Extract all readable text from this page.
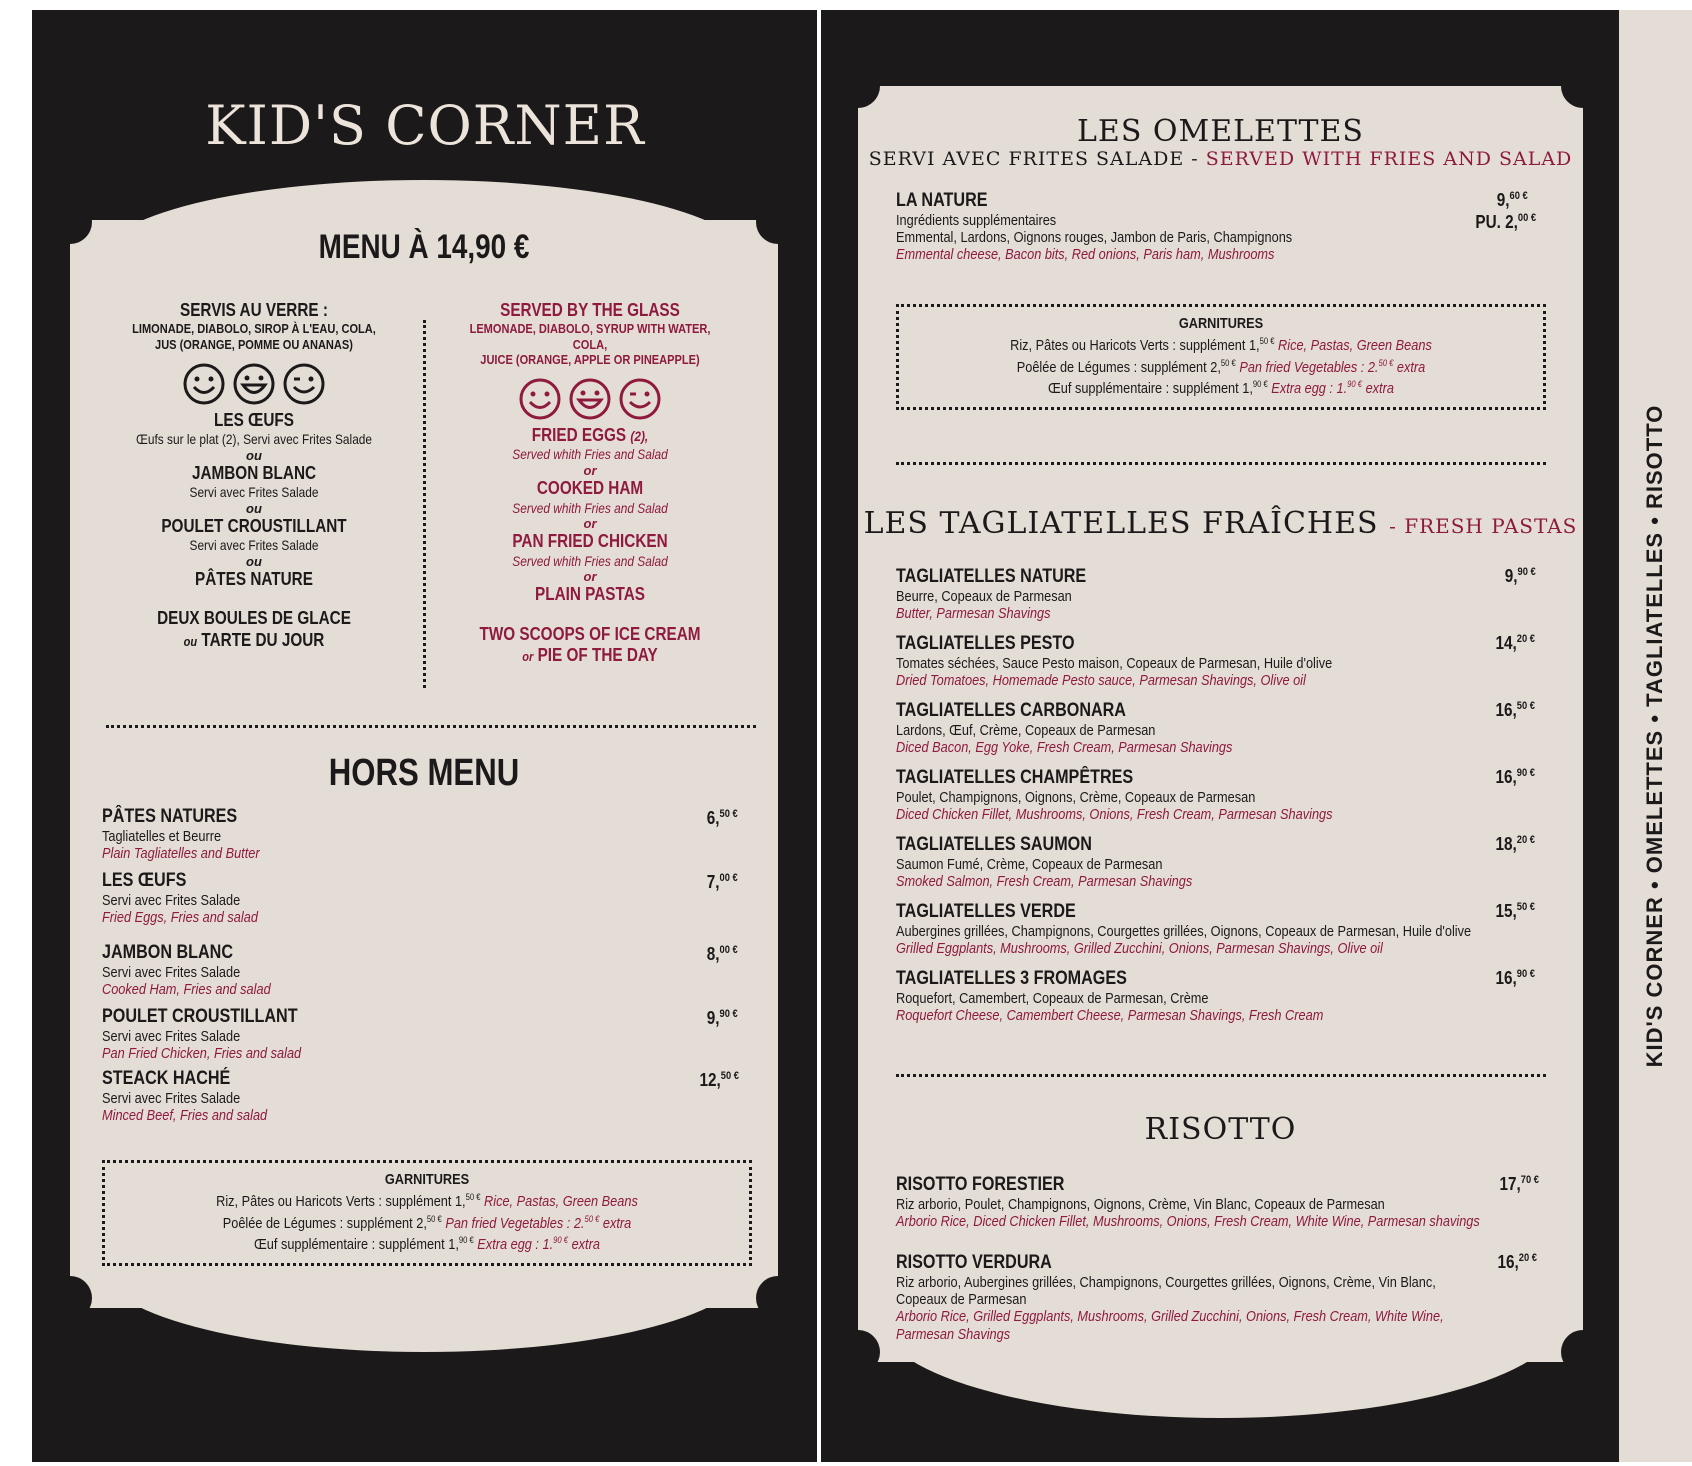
KID'S CORNER • OMELETTES • TAGLIATELLES • RISOTTO
KID'S CORNER
MENU À 14,90 €
SERVIS AU VERRE :
LIMONADE, DIABOLO, SIROP À L'EAU, COLA,
JUS (ORANGE, POMME OU ANANAS)
LES ŒUFS
Œufs sur le plat (2), Servi avec Frites Salade
ou
JAMBON BLANC
Servi avec Frites Salade
ou
POULET CROUSTILLANT
Servi avec Frites Salade
ou
PÂTES NATURE
DEUX BOULES DE GLACE
ou TARTE DU JOUR
SERVED BY THE GLASS
LEMONADE, DIABOLO, SYRUP WITH WATER, COLA,
JUICE (ORANGE, APPLE OR PINEAPPLE)
FRIED EGGS (2),
Served whith Fries and Salad
or
COOKED HAM
Served whith Fries and Salad
or
PAN FRIED CHICKEN
Served whith Fries and Salad
or
PLAIN PASTAS
TWO SCOOPS OF ICE CREAM
or PIE OF THE DAY
HORS MENU
PÂTES NATURES
Tagliatelles et Beurre
Plain Tagliatelles and Butter
6,$^{50 €}$
LES ŒUFS
Servi avec Frites Salade
Fried Eggs, Fries and salad
7,$^{00 €}$
JAMBON BLANC
Servi avec Frites Salade
Cooked Ham, Fries and salad
8,$^{00 €}$
POULET CROUSTILLANT
Servi avec Frites Salade
Pan Fried Chicken, Fries and salad
9,$^{90 €}$
STEACK HACHÉ
Servi avec Frites Salade
Minced Beef, Fries and salad
12,$^{50 €}$
GARNITURES
Riz, Pâtes ou Haricots Verts : supplément 1,$^{50 €}$ Rice, Pastas, Green Beans
Poêlée de Légumes : supplément 2,$^{50 €}$ Pan fried Vegetables : 2.$^{50 €}$ extra
Œuf supplémentaire : supplément 1,$^{90 €}$ Extra egg : 1.$^{90 €}$ extra
LES OMELETTES
SERVI AVEC FRITES SALADE - SERVED WITH FRIES AND SALAD
LA NATURE
Ingrédients supplémentaires
Emmental, Lardons, Oignons rouges, Jambon de Paris, Champignons
Emmental cheese, Bacon bits, Red onions, Paris ham, Mushrooms
9,$^{60 €}$
PU. 2,$^{00 €}$
GARNITURES
Riz, Pâtes ou Haricots Verts : supplément 1,$^{50 €}$ Rice, Pastas, Green Beans
Poêlée de Légumes : supplément 2,$^{50 €}$ Pan fried Vegetables : 2.$^{50 €}$ extra
Œuf supplémentaire : supplément 1,$^{90 €}$ Extra egg : 1.$^{90 €}$ extra
LES TAGLIATELLES FRAÎCHES - FRESH PASTAS
TAGLIATELLES NATURE
Beurre, Copeaux de Parmesan
Butter, Parmesan Shavings
9,$^{90 €}$
TAGLIATELLES PESTO
Tomates séchées, Sauce Pesto maison, Copeaux de Parmesan, Huile d'olive
Dried Tomatoes, Homemade Pesto sauce, Parmesan Shavings, Olive oil
14,$^{20 €}$
TAGLIATELLES CARBONARA
Lardons, Œuf, Crème, Copeaux de Parmesan
Diced Bacon, Egg Yoke, Fresh Cream, Parmesan Shavings
16,$^{50 €}$
TAGLIATELLES CHAMPÊTRES
Poulet, Champignons, Oignons, Crème, Copeaux de Parmesan
Diced Chicken Fillet, Mushrooms, Onions, Fresh Cream, Parmesan Shavings
16,$^{90 €}$
TAGLIATELLES SAUMON
Saumon Fumé, Crème, Copeaux de Parmesan
Smoked Salmon, Fresh Cream, Parmesan Shavings
18,$^{20 €}$
TAGLIATELLES VERDE
Aubergines grillées, Champignons, Courgettes grillées, Oignons, Copeaux de Parmesan, Huile d'olive
Grilled Eggplants, Mushrooms, Grilled Zucchini, Onions, Parmesan Shavings, Olive oil
15,$^{50 €}$
TAGLIATELLES 3 FROMAGES
Roquefort, Camembert, Copeaux de Parmesan, Crème
Roquefort Cheese, Camembert Cheese, Parmesan Shavings, Fresh Cream
16,$^{90 €}$
RISOTTO
RISOTTO FORESTIER
Riz arborio, Poulet, Champignons, Oignons, Crème, Vin Blanc, Copeaux de Parmesan
Arborio Rice, Diced Chicken Fillet, Mushrooms, Onions, Fresh Cream, White Wine, Parmesan shavings
17,$^{70 €}$
RISOTTO VERDURA
Riz arborio, Aubergines grillées, Champignons, Courgettes grillées, Oignons, Crème, Vin Blanc,
Copeaux de Parmesan
Arborio Rice, Grilled Eggplants, Mushrooms, Grilled Zucchini, Onions, Fresh Cream, White Wine,
Parmesan Shavings
16,$^{20 €}$
